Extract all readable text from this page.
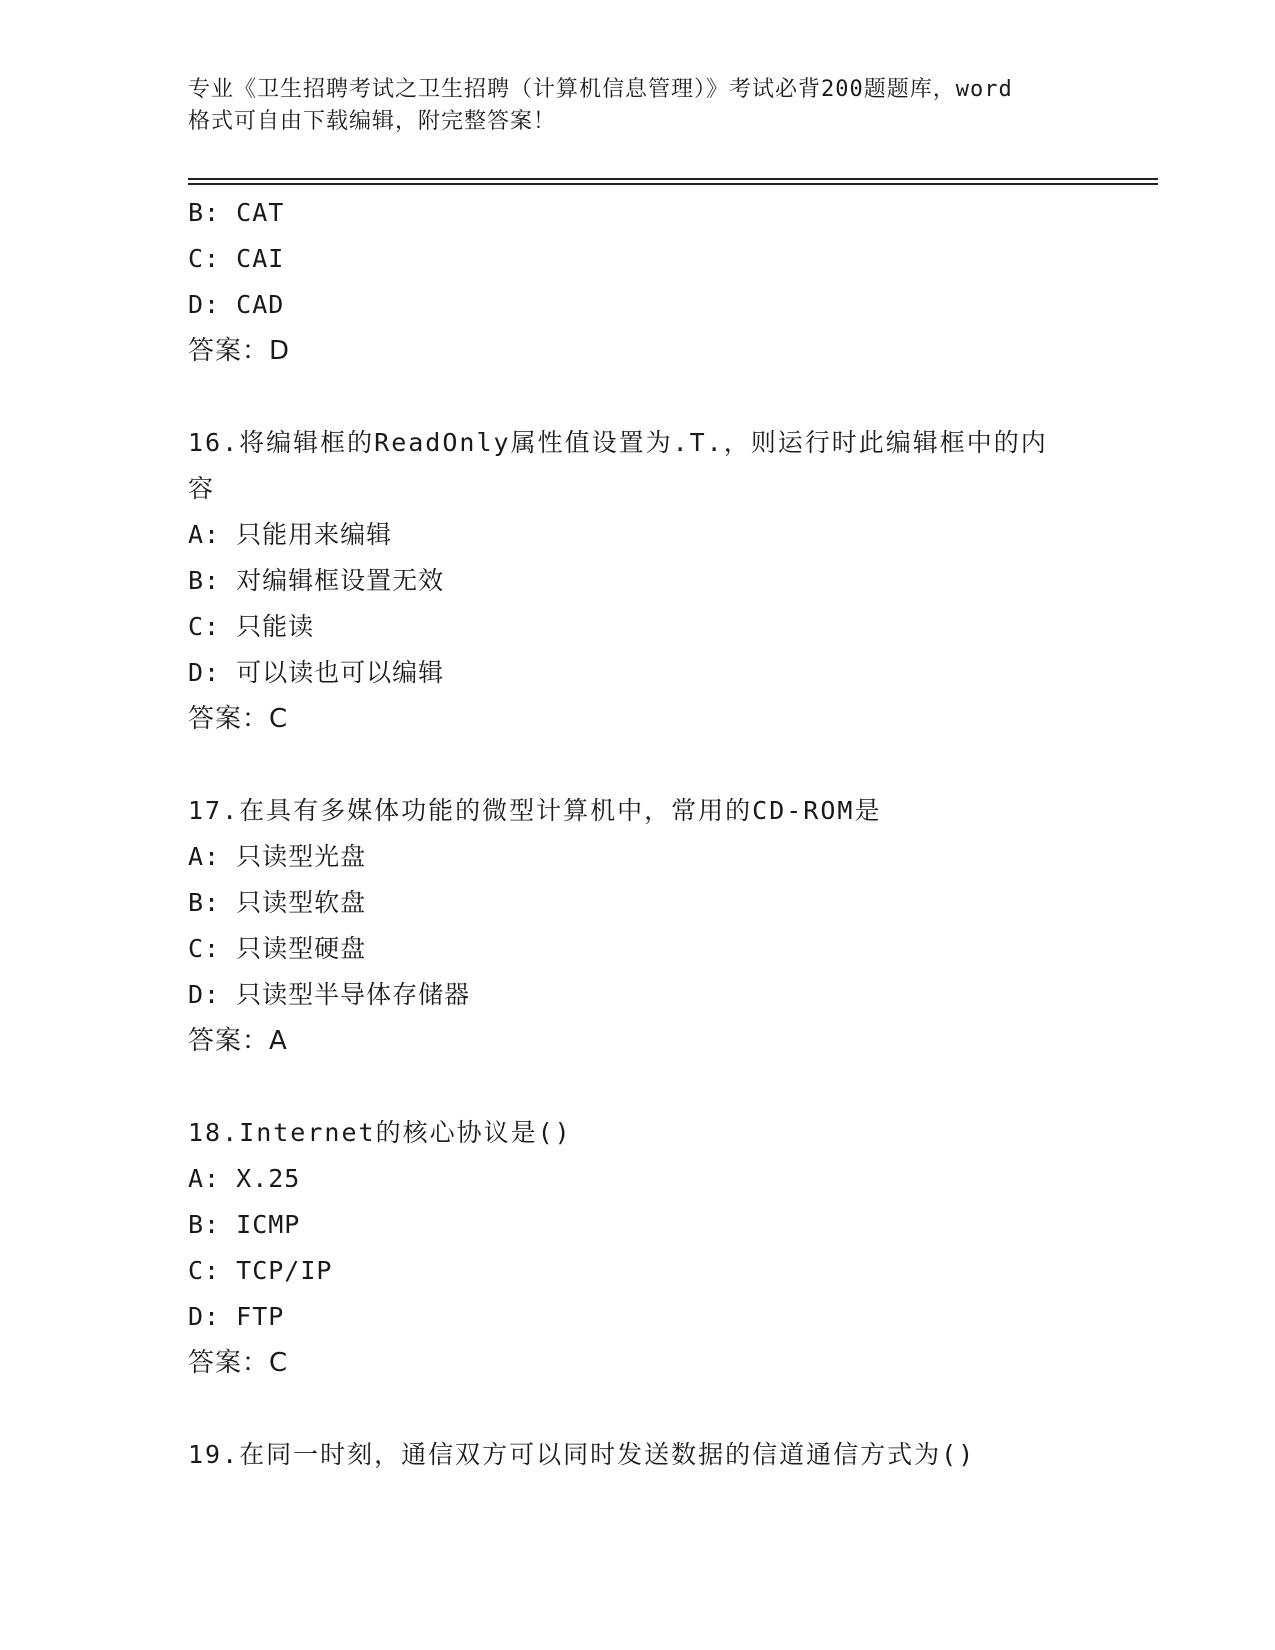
专业《卫生招聘考试之卫生招聘（计算机信息管理）》考试必背200题题库，word
格式可自由下载编辑，附完整答案！
B: CAT
C: CAI
D: CAD
答案：D
16.将编辑框的ReadOnly属性值设置为.T.，则运行时此编辑框中的内容
A: 只能用来编辑
B: 对编辑框设置无效
C: 只能读
D: 可以读也可以编辑
答案：C
17.在具有多媒体功能的微型计算机中，常用的CD-ROM是
A: 只读型光盘
B: 只读型软盘
C: 只读型硬盘
D: 只读型半导体存储器
答案：A
18.Internet的核心协议是()
A: X.25
B: ICMP
C: TCP/IP
D: FTP
答案：C
19.在同一时刻，通信双方可以同时发送数据的信道通信方式为()
